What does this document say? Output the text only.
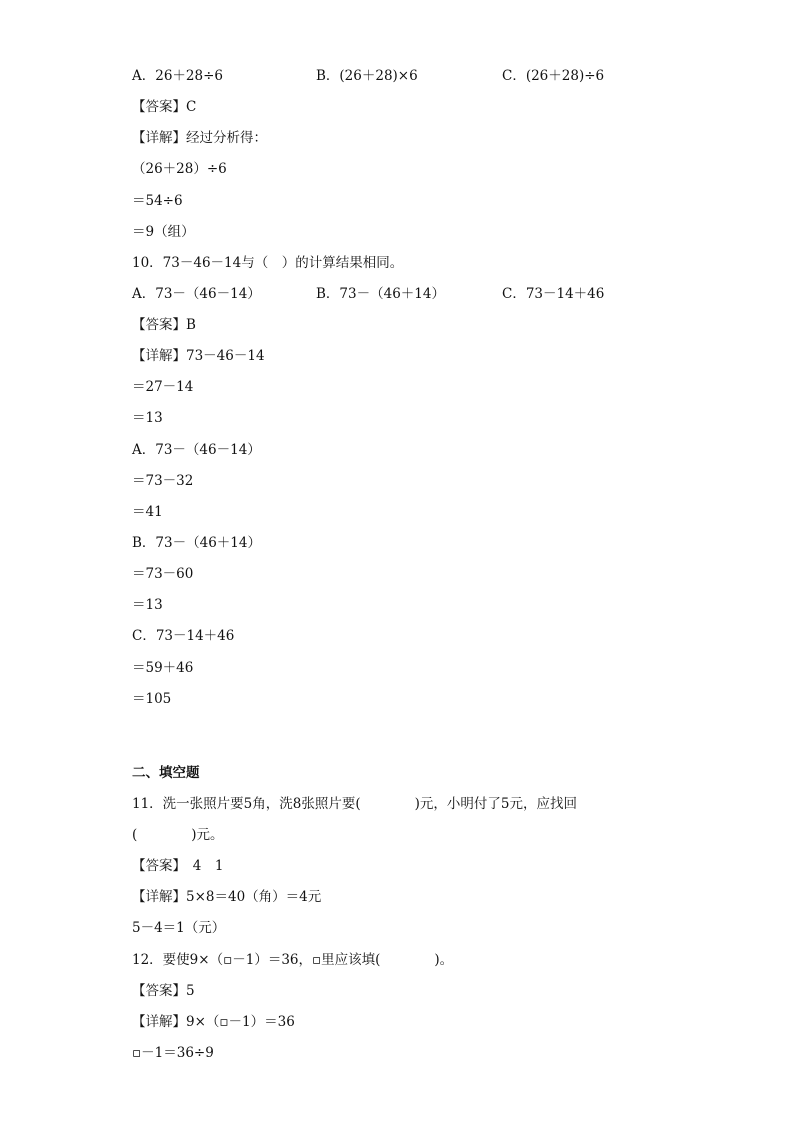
A．26＋28÷6	B．(26＋28)×6	C．(26＋28)÷6
【答案】C
【详解】经过分析得：
（26＋28）÷6
＝54÷6
＝9（组）
10．73－46－14与（　）的计算结果相同。
A．73－（46－14）	B．73－（46＋14）	C．73－14＋46
【答案】B
【详解】73－46－14
＝27－14
＝13
A．73－（46－14）
＝73－32
＝41
B．73－（46＋14）
＝73－60
＝13
C．73－14＋46
＝59＋46
＝105
二、填空题
11．洗一张照片要5角，洗8张照片要(　　　　)元，小明付了5元，应找回
(　　　　)元。
【答案】　4　1
【详解】5×8＝40（角）＝4元
5－4＝1（元）
12．要使9×（▫－1）＝36，▫里应该填(　　　　)。
【答案】5
【详解】9×（▫－1）＝36
▫－1＝36÷9
